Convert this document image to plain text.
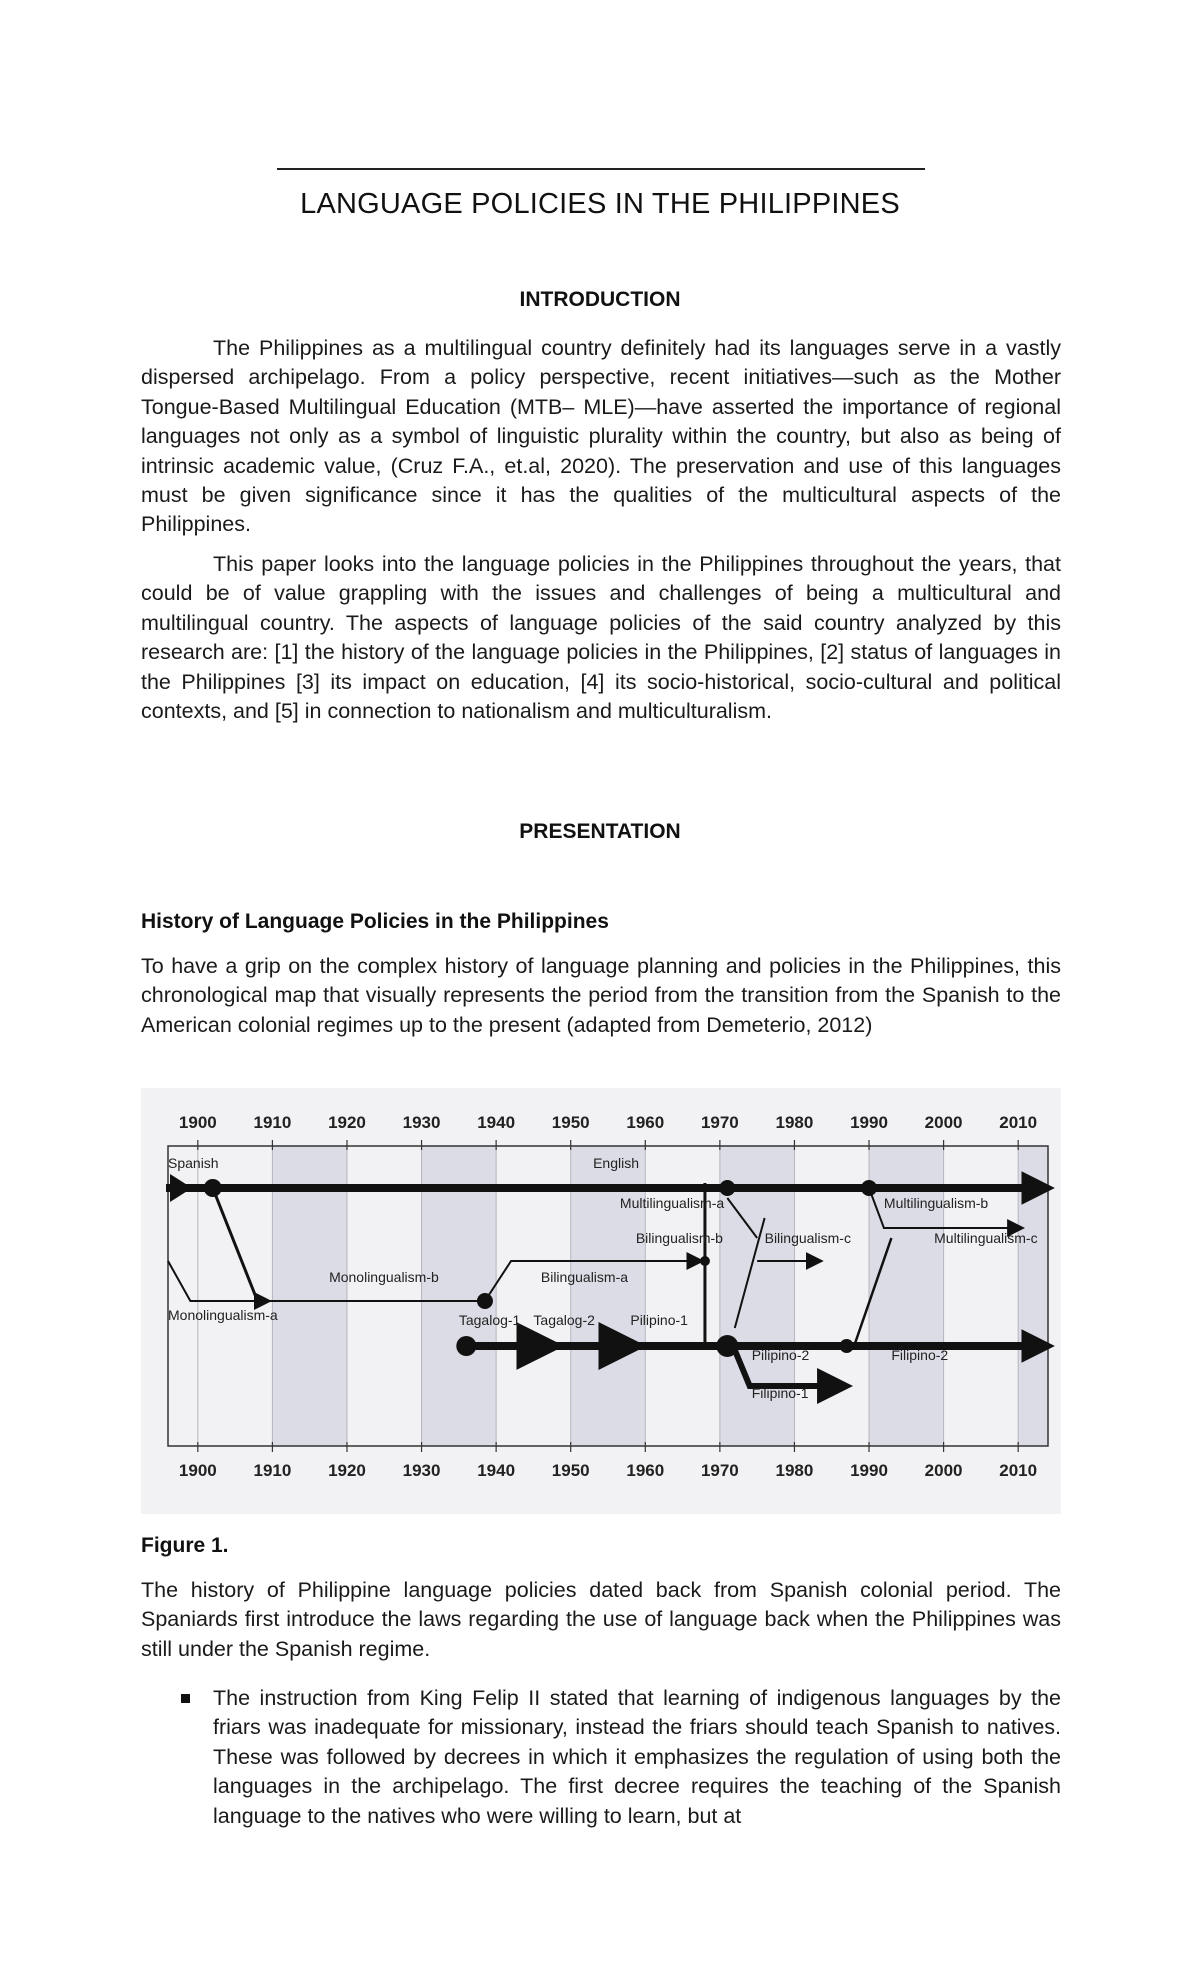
LANGUAGE POLICIES IN THE PHILIPPINES
INTRODUCTION

The Philippines as a multilingual country definitely had its languages serve in a vastly dispersed archipelago. From a policy perspective, recent initiatives—such as the Mother Tongue-Based Multilingual Education (MTB– MLE)—have asserted the importance of regional languages not only as a symbol of linguistic plurality within the country, but also as being of intrinsic academic value, (Cruz F.A., et.al, 2020). The preservation and use of this languages must be given significance since it has the qualities of the multicultural aspects of the Philippines.

This paper looks into the language policies in the Philippines throughout the years, that could be of value grappling with the issues and challenges of being a multicultural and multilingual country. The aspects of language policies of the said country analyzed by this research are: [1] the history of the language policies in the Philippines, [2] status of languages in the Philippines [3] its impact on education, [4] its socio-historical, socio-cultural and political contexts, and [5] in connection to nationalism and multiculturalism.

PRESENTATION
History of Language Policies in the Philippines

To have a grip on the complex history of language planning and policies in the Philippines, this chronological map that visually represents the period from the transition from the Spanish to the American colonial regimes up to the present (adapted from Demeterio, 2012)

1900 1910 1920 1930 1940 1950 1960 1970 1980 1990 2000 2010
1900 1910 1920 1930 1940 1950 1960 1970 1980 1990 2000 2010
Spanish	English
Multilingualism-a	Multilingualism-b
Bilingualism-b	Bilingualism-c	Multilingualism-c
Bilingualism-a
Monolingualism-b
Monolingualism-a	Tagalog-1 Tagalog-2	Pilipino-1
Pilipino-2	Filipino-2
Filipino-1
Figure 1.

The history of Philippine language policies dated back from Spanish colonial period. The Spaniards first introduce the laws regarding the use of language back when the Philippines was still under the Spanish regime.

The instruction from King Felip II stated that learning of indigenous languages by the friars was inadequate for missionary, instead the friars should teach Spanish to natives. These was followed by decrees in which it emphasizes the regulation of using both the languages in the archipelago. The first decree requires the teaching of the Spanish language to the natives who were willing to learn, but at
